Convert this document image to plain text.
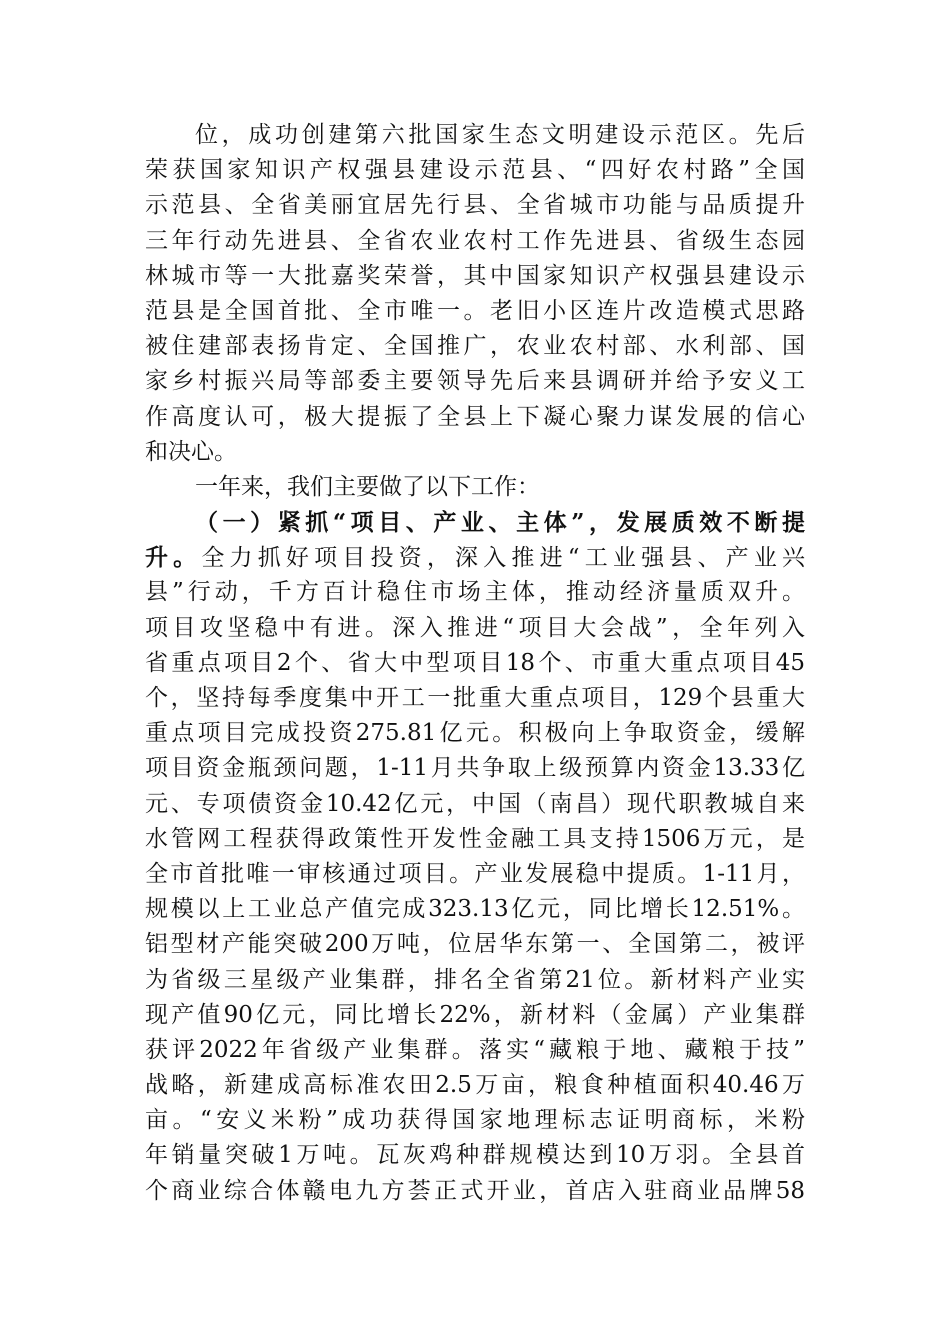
位，成功创建第六批国家生态文明建设示范区。先后
荣获国家知识产权强县建设示范县、“四好农村路”全国
示范县、全省美丽宜居先行县、全省城市功能与品质提升
三年行动先进县、全省农业农村工作先进县、省级生态园
林城市等一大批嘉奖荣誉，其中国家知识产权强县建设示
范县是全国首批、全市唯一。老旧小区连片改造模式思路
被住建部表扬肯定、全国推广，农业农村部、水利部、国
家乡村振兴局等部委主要领导先后来县调研并给予安义工
作高度认可，极大提振了全县上下凝心聚力谋发展的信心
和决心。
一年来，我们主要做了以下工作：
（一）紧抓“项目、产业、主体”，发展质效不断提
升。全力抓好项目投资，深入推进“工业强县、产业兴
县”行动，千方百计稳住市场主体，推动经济量质双升。
项目攻坚稳中有进。深入推进“项目大会战”，全年列入
省重点项目2个、省大中型项目18个、市重大重点项目45
个，坚持每季度集中开工一批重大重点项目，129个县重大
重点项目完成投资275.81亿元。积极向上争取资金，缓解
项目资金瓶颈问题，1-11月共争取上级预算内资金13.33亿
元、专项债资金10.42亿元，中国（南昌）现代职教城自来
水管网工程获得政策性开发性金融工具支持1506万元，是
全市首批唯一审核通过项目。产业发展稳中提质。1-11月，
规模以上工业总产值完成323.13亿元，同比增长12.51%。
铝型材产能突破200万吨，位居华东第一、全国第二，被评
为省级三星级产业集群，排名全省第21位。新材料产业实
现产值90亿元，同比增长22%，新材料（金属）产业集群
获评2022年省级产业集群。落实“藏粮于地、藏粮于技”
战略，新建成高标准农田2.5万亩，粮食种植面积40.46万
亩。“安义米粉”成功获得国家地理标志证明商标，米粉
年销量突破1万吨。瓦灰鸡种群规模达到10万羽。全县首
个商业综合体赣电九方荟正式开业，首店入驻商业品牌58
